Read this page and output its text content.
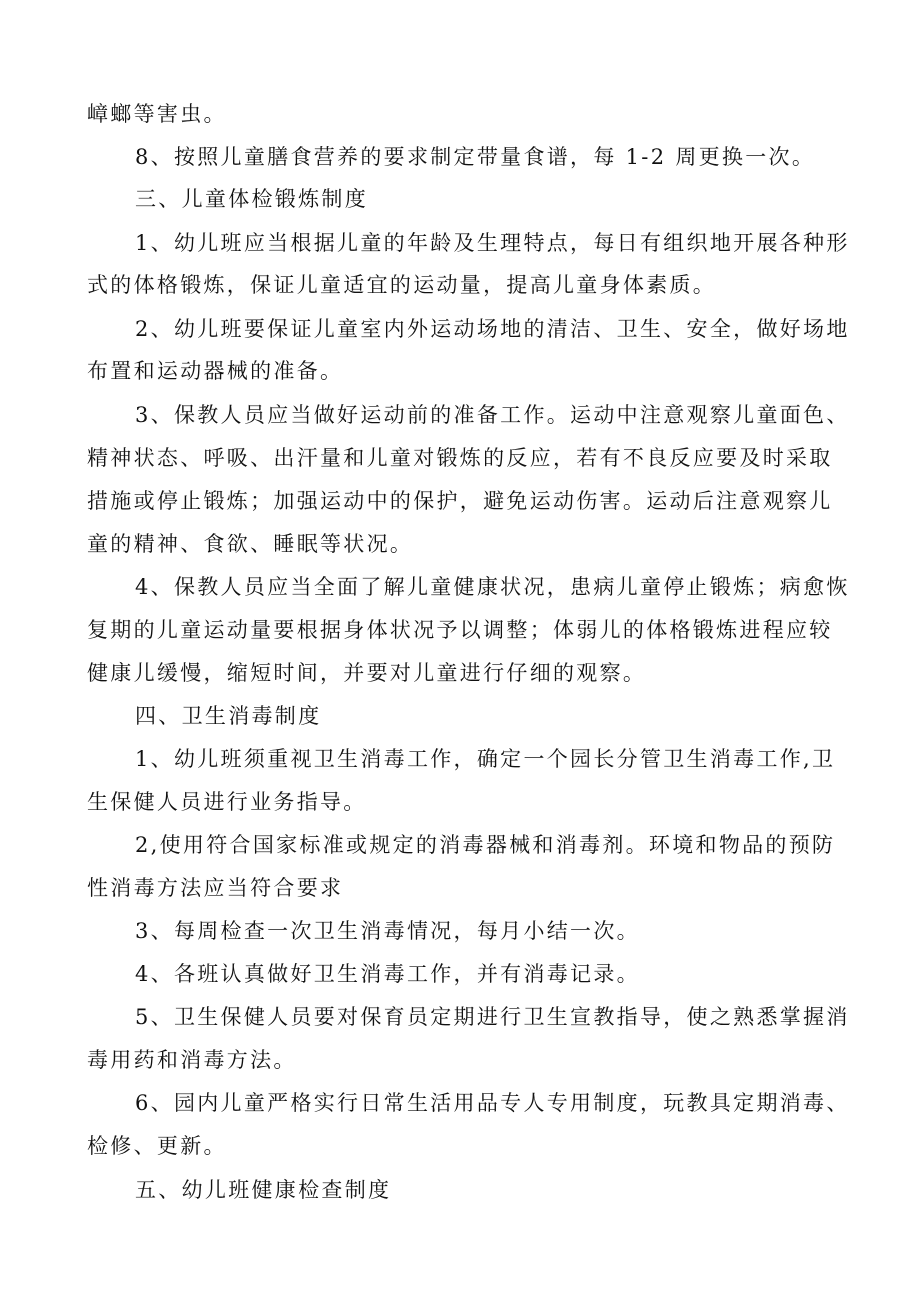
嶂螂等害虫。
8、按照儿童膳食营养的要求制定带量食谱，每 1-2 周更换一次。
三、儿童体检锻炼制度
1、幼儿班应当根据儿童的年龄及生理特点，每日有组织地开展各种形
式的体格锻炼，保证儿童适宜的运动量，提高儿童身体素质。
2、幼儿班要保证儿童室内外运动场地的清洁、卫生、安全，做好场地
布置和运动器械的准备。
3、保教人员应当做好运动前的准备工作。运动中注意观察儿童面色、
精神状态、呼吸、出汗量和儿童对锻炼的反应，若有不良反应要及时采取
措施或停止锻炼；加强运动中的保护，避免运动伤害。运动后注意观察儿
童的精神、食欲、睡眠等状况。
4、保教人员应当全面了解儿童健康状况，患病儿童停止锻炼；病愈恢
复期的儿童运动量要根据身体状况予以调整；体弱儿的体格锻炼进程应较
健康儿缓慢，缩短时间，并要对儿童进行仔细的观察。
四、卫生消毒制度
1、幼儿班须重视卫生消毒工作，确定一个园长分管卫生消毒工作,卫
生保健人员进行业务指导。
2,使用符合国家标准或规定的消毒器械和消毒剂。环境和物品的预防
性消毒方法应当符合要求
3、每周检查一次卫生消毒情况，每月小结一次。
4、各班认真做好卫生消毒工作，并有消毒记录。
5、卫生保健人员要对保育员定期进行卫生宣教指导，使之熟悉掌握消
毒用药和消毒方法。
6、园内儿童严格实行日常生活用品专人专用制度，玩教具定期消毒、
检修、更新。
五、幼儿班健康检查制度
